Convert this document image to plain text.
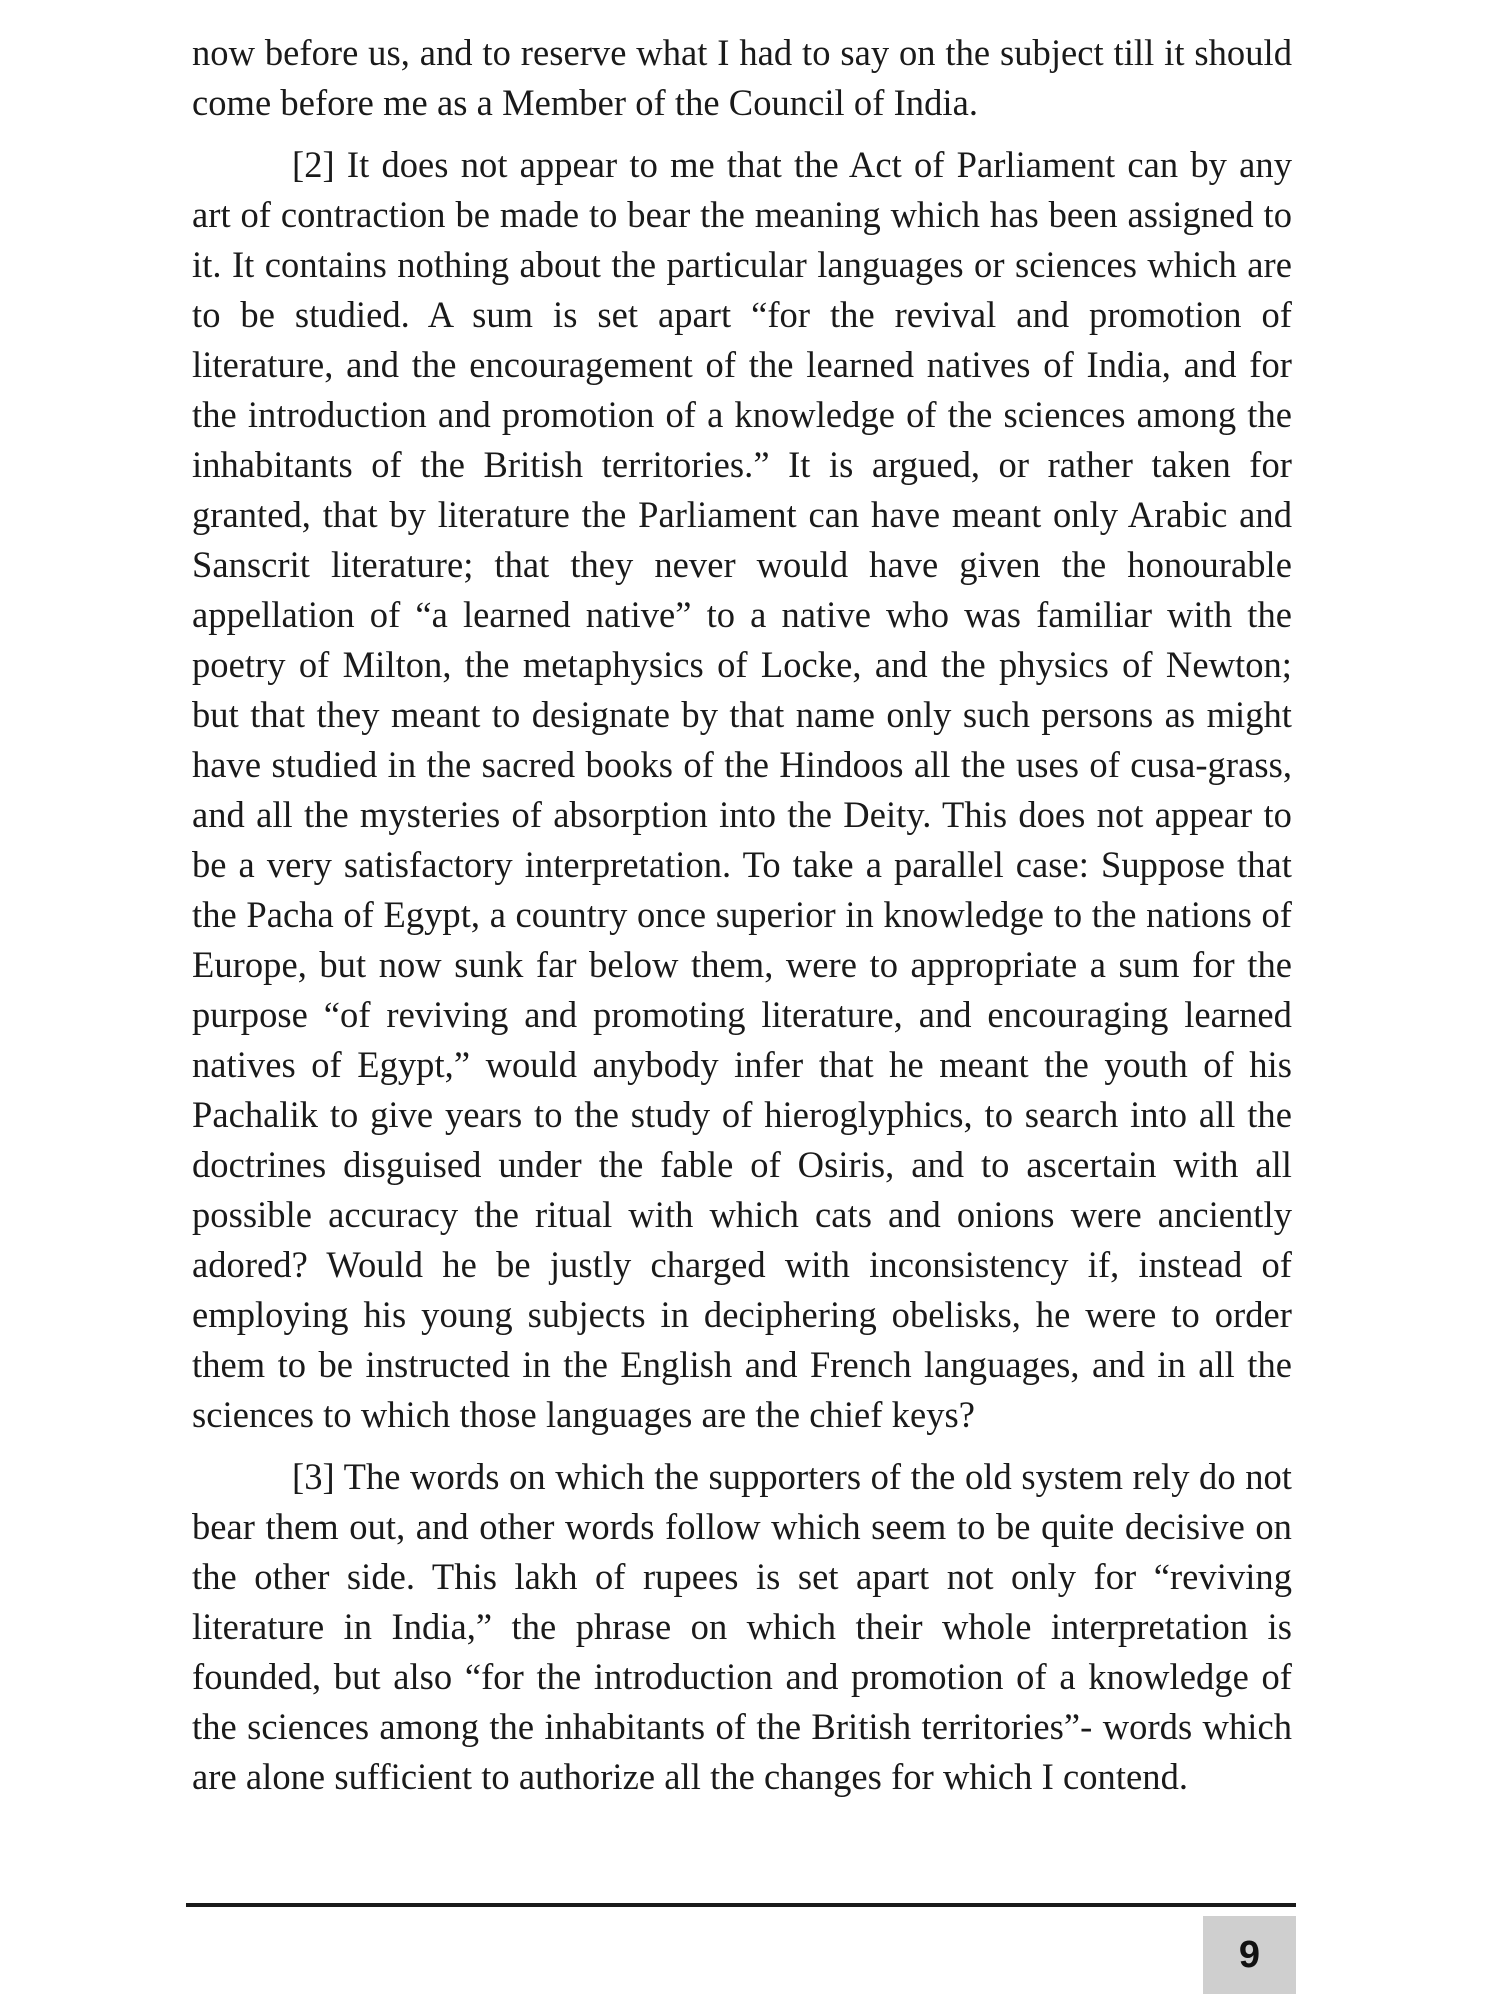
now before us, and to reserve what I had to say on the subject till it should come before me as a Member of the Council of India.

[2] It does not appear to me that the Act of Parliament can by any art of contraction be made to bear the meaning which has been assigned to it. It contains nothing about the particular languages or sciences which are to be studied. A sum is set apart “for the revival and promotion of literature, and the encouragement of the learned natives of India, and for the introduction and promotion of a knowledge of the sciences among the inhabitants of the British territories.” It is argued, or rather taken for granted, that by literature the Parliament can have meant only Arabic and Sanscrit literature; that they never would have given the honourable appellation of “a learned native” to a native who was familiar with the poetry of Milton, the metaphysics of Locke, and the physics of Newton; but that they meant to designate by that name only such persons as might have studied in the sacred books of the Hindoos all the uses of cusa-grass, and all the mysteries of absorption into the Deity. This does not appear to be a very satisfactory interpretation. To take a parallel case: Suppose that the Pacha of Egypt, a country once superior in knowledge to the nations of Europe, but now sunk far below them, were to appropriate a sum for the purpose “of reviving and promoting literature, and encouraging learned natives of Egypt,” would anybody infer that he meant the youth of his Pachalik to give years to the study of hieroglyphics, to search into all the doctrines disguised under the fable of Osiris, and to ascertain with all possible accuracy the ritual with which cats and onions were anciently adored? Would he be justly charged with inconsistency if, instead of employing his young subjects in deciphering obelisks, he were to order them to be instructed in the English and French languages, and in all the sciences to which those languages are the chief keys?

[3] The words on which the supporters of the old system rely do not bear them out, and other words follow which seem to be quite decisive on the other side. This lakh of rupees is set apart not only for “reviving literature in India,” the phrase on which their whole interpretation is founded, but also “for the introduction and promotion of a knowledge of the sciences among the inhabitants of the British territories”- words which are alone sufficient to authorize all the changes for which I contend.

9
